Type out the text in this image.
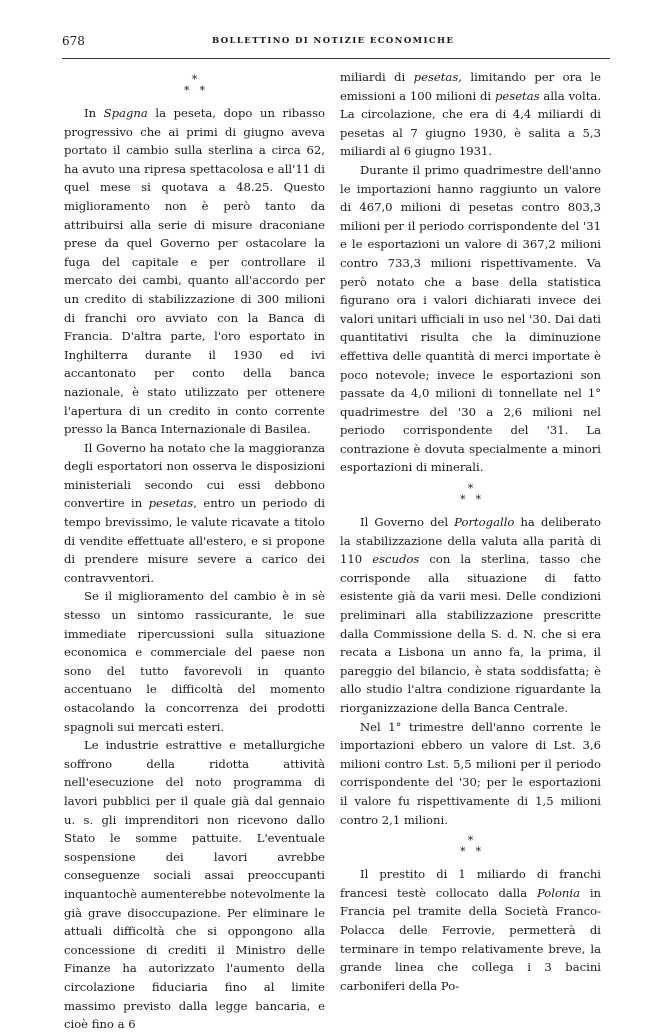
678	BOLLETTINO DI NOTIZIE ECONOMICHE
*
**

In Spagna la peseta, dopo un ribasso progressivo che ai primi di giugno aveva portato il cambio sulla sterlina a circa 62, ha avuto una ripresa spettacolosa e all'11 di quel mese si quotava a 48.25. Questo miglioramento non è però tanto da attribuirsi alla serie di misure draconiane prese da quel Governo per ostacolare la fuga del capitale e per controllare il mercato dei cambi, quanto all'accordo per un credito di stabilizzazione di 300 milioni di franchi oro avviato con la Banca di Francia. D'altra parte, l'oro esportato in Inghilterra durante il 1930 ed ivi accantonato per conto della banca nazionale, è stato utilizzato per ottenere l'apertura di un credito in conto corrente presso la Banca Internazionale di Basilea.

Il Governo ha notato che la maggioranza degli esportatori non osserva le disposizioni ministeriali secondo cui essi debbono convertire in pesetas, entro un periodo di tempo brevissimo, le valute ricavate a titolo di vendite effettuate all'estero, e si propone di prendere misure severe a carico dei contravventori.

Se il miglioramento del cambio è in sè stesso un sintomo rassicurante, le sue immediate ripercussioni sulla situazione economica e commerciale del paese non sono del tutto favorevoli in quanto accentuano le difficoltà del momento ostacolando la concorrenza dei prodotti spagnoli sui mercati esteri.

Le industrie estrattive e metallurgiche soffrono della ridotta attività nell'esecuzione del noto programma di lavori pubblici per il quale già dal gennaio u. s. gli imprenditori non ricevono dallo Stato le somme pattuite. L'eventuale sospensione dei lavori avrebbe conseguenze sociali assai preoccupanti inquantochè aumenterebbe notevolmente la già grave disoccupazione. Per eliminare le attuali difficoltà che si oppongono alla concessione di crediti il Ministro delle Finanze ha autorizzato l'aumento della circolazione fiduciaria fino al limite massimo previsto dalla legge bancaria, e cioè fino a 6

miliardi di pesetas, limitando per ora le emissioni a 100 milioni di pesetas alla volta. La circolazione, che era di 4,4 miliardi di pesetas al 7 giugno 1930, è salita a 5,3 miliardi al 6 giugno 1931.

Durante il primo quadrimestre dell'anno le importazioni hanno raggiunto un valore di 467,0 milioni di pesetas contro 803,3 milioni per il periodo corrispondente del '31 e le esportazioni un valore di 367,2 milioni contro 733,3 milioni rispettivamente. Va però notato che a base della statistica figurano ora i valori dichiarati invece dei valori unitari ufficiali in uso nel '30. Dai dati quantitativi risulta che la diminuzione effettiva delle quantità di merci importate è poco notevole; invece le esportazioni son passate da 4,0 milioni di tonnellate nel 1° quadrimestre del '30 a 2,6 milioni nel periodo corrispondente del '31. La contrazione è dovuta specialmente a minori esportazioni di minerali.

*
**

Il Governo del Portogallo ha deliberato la stabilizzazione della valuta alla parità di 110 escudos con la sterlina, tasso che corrisponde alla situazione di fatto esistente già da varii mesi. Delle condizioni preliminari alla stabilizzazione prescritte dalla Commissione della S. d. N. che si era recata a Lisbona un anno fa, la prima, il pareggio del bilancio, è stata soddisfatta; è allo studio l'altra condizione riguardante la riorganizzazione della Banca Centrale.

Nel 1° trimestre dell'anno corrente le importazioni ebbero un valore di Lst. 3,6 milioni contro Lst. 5,5 milioni per il periodo corrispondente del '30; per le esportazioni il valore fu rispettivamente di 1,5 milioni contro 2,1 milioni.

*
**

Il prestito di 1 miliardo di franchi francesi testè collocato dalla Polonia in Francia pel tramite della Società Franco-Polacca delle Ferrovie, permetterà di terminare in tempo relativamente breve, la grande linea che collega i 3 bacini carboniferi della Po-
